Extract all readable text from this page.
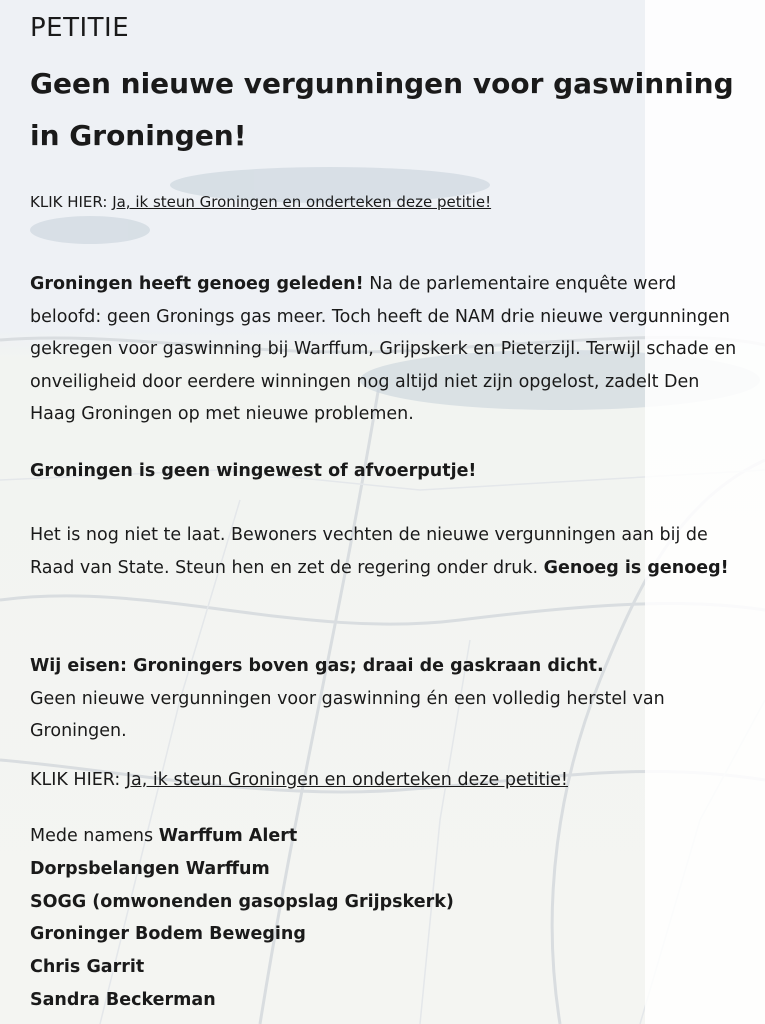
PETITIE
Geen nieuwe vergunningen voor gaswinning in Groningen!
KLIK HIER: Ja, ik steun Groningen en onderteken deze petitie!
Groningen heeft genoeg geleden! Na de parlementaire enquête werd beloofd: geen Gronings gas meer. Toch heeft de NAM drie nieuwe vergunningen gekregen voor gaswinning bij Warffum, Grijpskerk en Pieterzijl. Terwijl schade en onveiligheid door eerdere winningen nog altijd niet zijn opgelost, zadelt Den Haag Groningen op met nieuwe problemen.
Groningen is geen wingewest of afvoerputje!
Het is nog niet te laat. Bewoners vechten de nieuwe vergunningen aan bij de Raad van State. Steun hen en zet de regering onder druk. Genoeg is genoeg!
Wij eisen: Groningers boven gas; draai de gaskraan dicht.
Geen nieuwe vergunningen voor gaswinning én een volledig herstel van Groningen.
KLIK HIER: Ja, ik steun Groningen en onderteken deze petitie!
Mede namens Warffum Alert
Dorpsbelangen Warffum
SOGG (omwonenden gasopslag Grijpskerk)
Groninger Bodem Beweging
Chris Garrit
Sandra Beckerman
